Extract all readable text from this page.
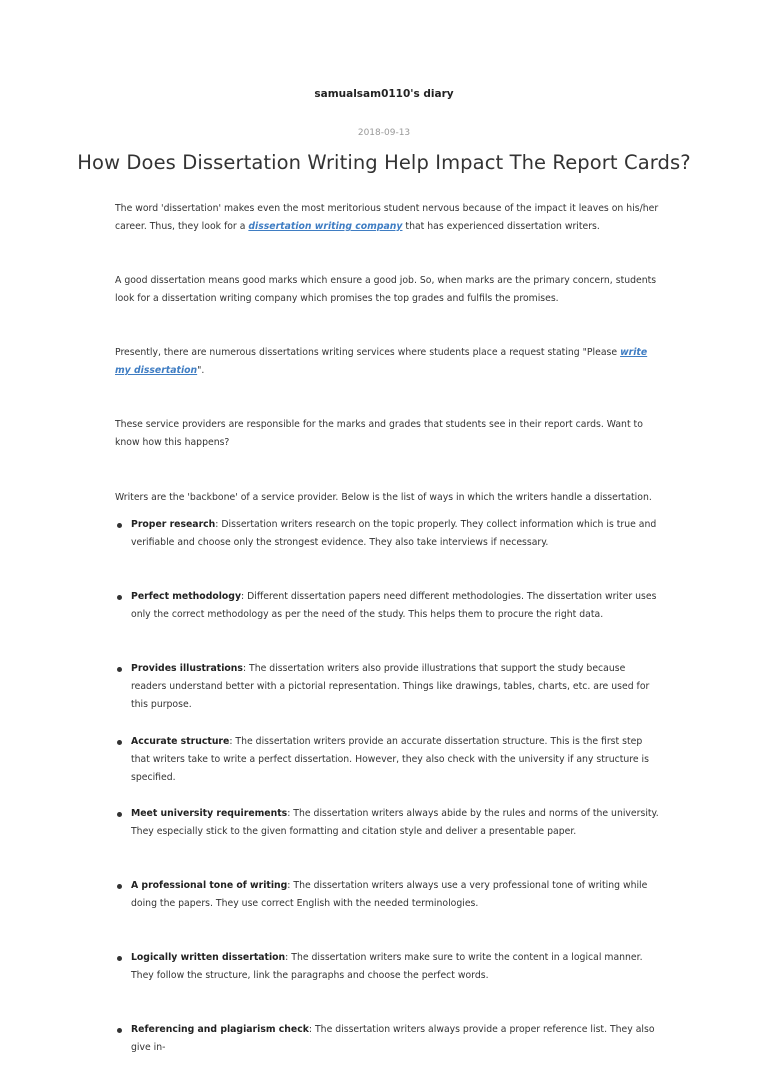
samualsam0110's diary
2018-09-13
How Does Dissertation Writing Help Impact The Report Cards?

The word 'dissertation' makes even the most meritorious student nervous because of the impact it leaves on his/her career. Thus, they look for a dissertation writing company that has experienced dissertation writers.

A good dissertation means good marks which ensure a good job. So, when marks are the primary concern, students look for a dissertation writing company which promises the top grades and fulfils the promises.

Presently, there are numerous dissertations writing services where students place a request stating "Please write my dissertation".

These service providers are responsible for the marks and grades that students see in their report cards. Want to know how this happens?

Writers are the 'backbone' of a service provider. Below is the list of ways in which the writers handle a dissertation.

Proper research: Dissertation writers research on the topic properly. They collect information which is true and verifiable and choose only the strongest evidence. They also take interviews if necessary.
Perfect methodology: Different dissertation papers need different methodologies. The dissertation writer uses only the correct methodology as per the need of the study. This helps them to procure the right data.
Provides illustrations: The dissertation writers also provide illustrations that support the study because readers understand better with a pictorial representation. Things like drawings, tables, charts, etc. are used for this purpose.
Accurate structure: The dissertation writers provide an accurate dissertation structure. This is the first step that writers take to write a perfect dissertation. However, they also check with the university if any structure is specified.
Meet university requirements: The dissertation writers always abide by the rules and norms of the university. They especially stick to the given formatting and citation style and deliver a presentable paper.
A professional tone of writing: The dissertation writers always use a very professional tone of writing while doing the papers. They use correct English with the needed terminologies.
Logically written dissertation: The dissertation writers make sure to write the content in a logical manner. They follow the structure, link the paragraphs and choose the perfect words.
Referencing and plagiarism check: The dissertation writers always provide a proper reference list. They also give in-
